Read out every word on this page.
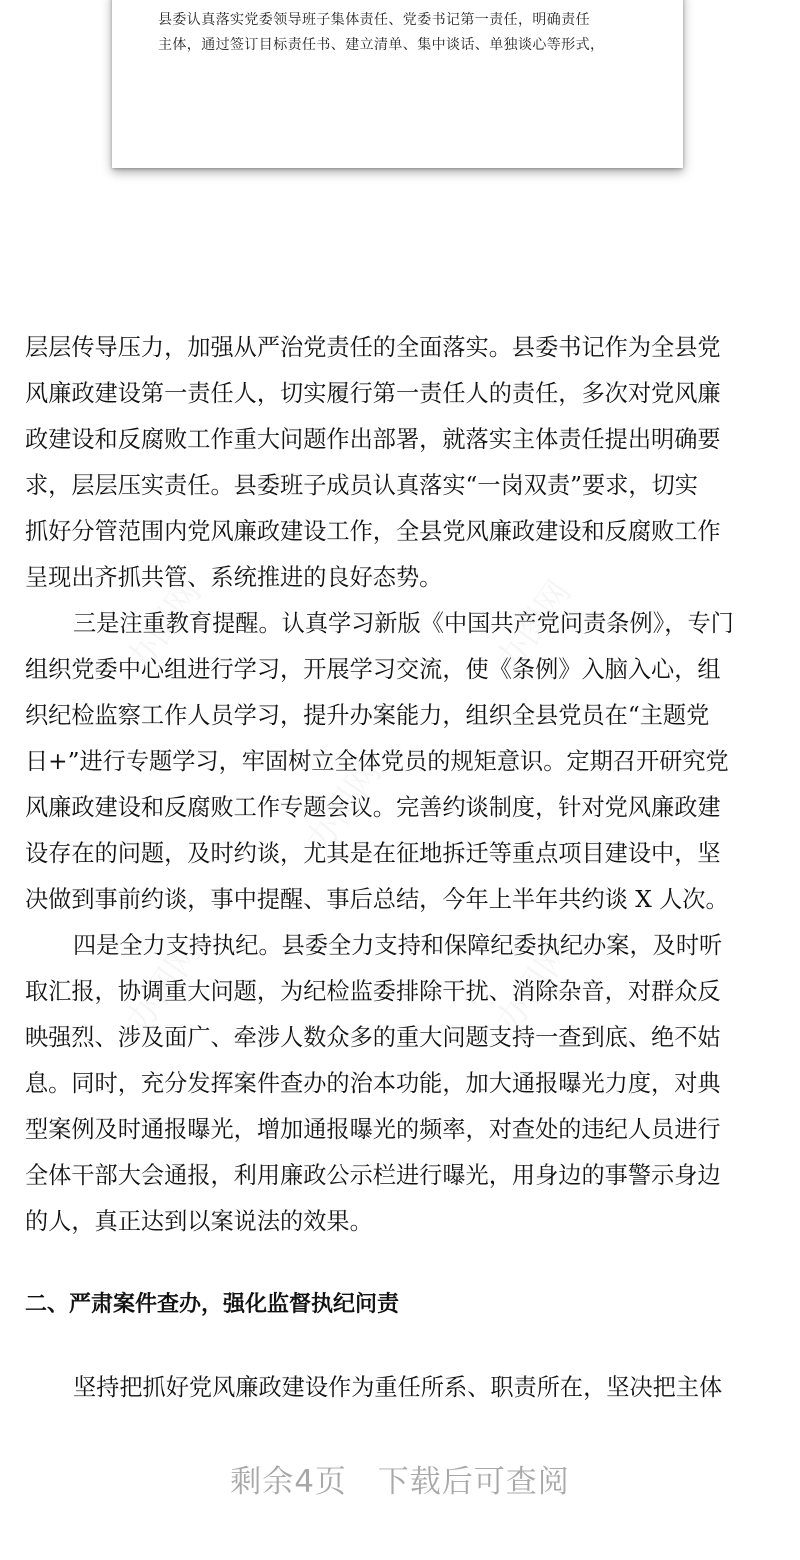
县委认真落实党委领导班子集体责任、党委书记第一责任，明确责任

主体，通过签订目标责任书、建立清单、集中谈话、单独谈心等形式，

办图网	办图网
办图网
办图网	办图网
层层传导压力，加强从严治党责任的全面落实。县委书记作为全县党
风廉政建设第一责任人，切实履行第一责任人的责任，多次对党风廉
政建设和反腐败工作重大问题作出部署，就落实主体责任提出明确要
求，层层压实责任。县委班子成员认真落实“一岗双责”要求，切实
抓好分管范围内党风廉政建设工作，全县党风廉政建设和反腐败工作
呈现出齐抓共管、系统推进的良好态势。
三是注重教育提醒。认真学习新版《中国共产党问责条例》，专门
组织党委中心组进行学习，开展学习交流，使《条例》入脑入心，组
织纪检监察工作人员学习，提升办案能力，组织全县党员在“主题党
日+”进行专题学习，牢固树立全体党员的规矩意识。定期召开研究党
风廉政建设和反腐败工作专题会议。完善约谈制度，针对党风廉政建
设存在的问题，及时约谈，尤其是在征地拆迁等重点项目建设中，坚
决做到事前约谈，事中提醒、事后总结，今年上半年共约谈 X 人次。
四是全力支持执纪。县委全力支持和保障纪委执纪办案，及时听
取汇报，协调重大问题，为纪检监委排除干扰、消除杂音，对群众反
映强烈、涉及面广、牵涉人数众多的重大问题支持一查到底、绝不姑
息。同时，充分发挥案件查办的治本功能，加大通报曝光力度，对典
型案例及时通报曝光，增加通报曝光的频率，对查处的违纪人员进行
全体干部大会通报，利用廉政公示栏进行曝光，用身边的事警示身边
的人，真正达到以案说法的效果。
二、严肃案件查办，强化监督执纪问责
坚持把抓好党风廉政建设作为重任所系、职责所在，坚决把主体
剩余4页 下载后可查阅
